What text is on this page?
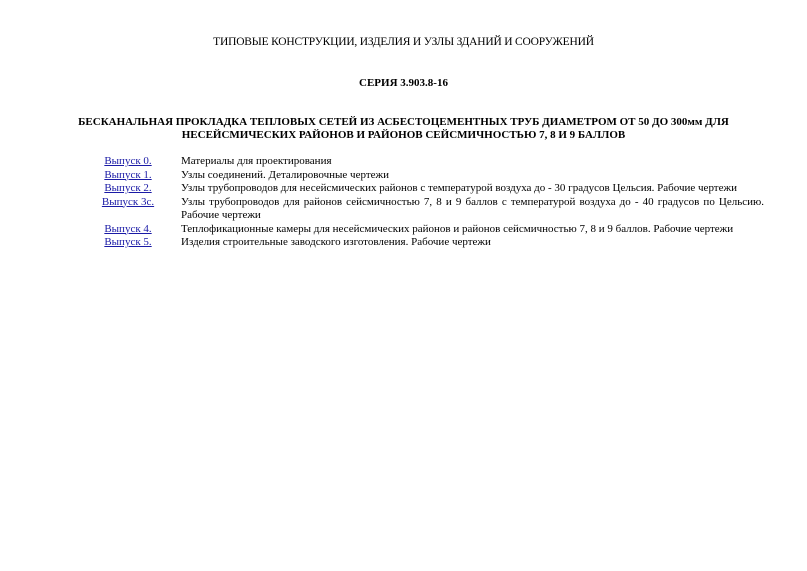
ТИПОВЫЕ КОНСТРУКЦИИ, ИЗДЕЛИЯ И УЗЛЫ ЗДАНИЙ И СООРУЖЕНИЙ
СЕРИЯ 3.903.8-16
БЕСКАНАЛЬНАЯ ПРОКЛАДКА ТЕПЛОВЫХ СЕТЕЙ ИЗ АСБЕСТОЦЕМЕНТНЫХ ТРУБ ДИАМЕТРОМ ОТ 50 ДО 300мм ДЛЯ НЕСЕЙСМИЧЕСКИХ РАЙОНОВ И РАЙОНОВ СЕЙСМИЧНОСТЬЮ 7, 8 И 9 БАЛЛОВ
Выпуск 0.	Материалы для проектирования
Выпуск 1.	Узлы соединений. Деталировочные чертежи
Выпуск 2.	Узлы трубопроводов для несейсмических районов с температурой воздуха до - 30 градусов Цельсия. Рабочие чертежи
Выпуск 3с.	Узлы трубопроводов для районов сейсмичностью 7, 8 и 9 баллов с температурой воздуха до - 40 градусов по Цельсию. Рабочие чертежи
Выпуск 4.	Теплофикационные камеры для несейсмических районов и районов сейсмичностью 7, 8 и 9 баллов. Рабочие чертежи
Выпуск 5.	Изделия строительные заводского изготовления. Рабочие чертежи
